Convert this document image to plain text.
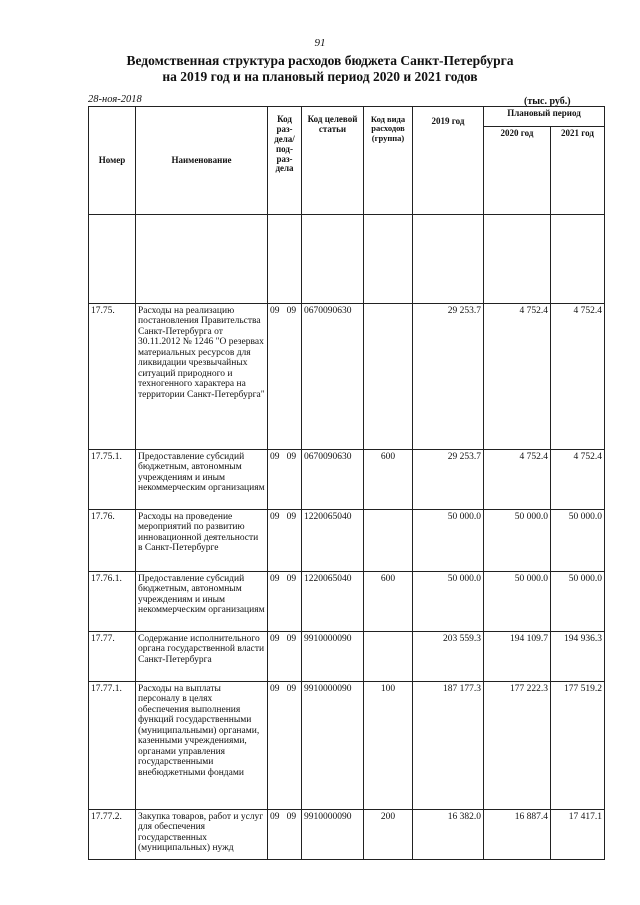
91
Ведомственная структура расходов бюджета Санкт-Петербурга
на 2019 год и на плановый период 2020 и 2021 годов
28-ноя-2018	(тыс. руб.)
Номер	Наименование	Код раз- дела/ под- раз- дела	Код целевой статьи	Код вида расходов (группа)	2019 год	Плановый период	
						2020 год	2021 год

17.75.	Расходы на реализацию постановления Правительства Санкт-Петербурга от 30.11.2012 № 1246 "О резервах материальных ресурсов для ликвидации чрезвычайных ситуаций природного и техногенного характера на территории Санкт-Петербурга"	09 09	0670090630		29 253.7	4 752.4	4 752.4
17.75.1.	Предоставление субсидий бюджетным, автономным учреждениям и иным некоммерческим организациям	09 09	0670090630	600	29 253.7	4 752.4	4 752.4
17.76.	Расходы на проведение мероприятий по развитию инновационной деятельности в Санкт-Петербурге	09 09	1220065040		50 000.0	50 000.0	50 000.0
17.76.1.	Предоставление субсидий бюджетным, автономным учреждениям и иным некоммерческим организациям	09 09	1220065040	600	50 000.0	50 000.0	50 000.0
17.77.	Содержание исполнительного органа государственной власти Санкт-Петербурга	09 09	9910000090		203 559.3	194 109.7	194 936.3
17.77.1.	Расходы на выплаты персоналу в целях обеспечения выполнения функций государственными (муниципальными) органами, казенными учреждениями, органами управления государственными внебюджетными фондами	09 09	9910000090	100	187 177.3	177 222.3	177 519.2
17.77.2.	Закупка товаров, работ и услуг для обеспечения государственных (муниципальных) нужд	09 09	9910000090	200	16 382.0	16 887.4	17 417.1
